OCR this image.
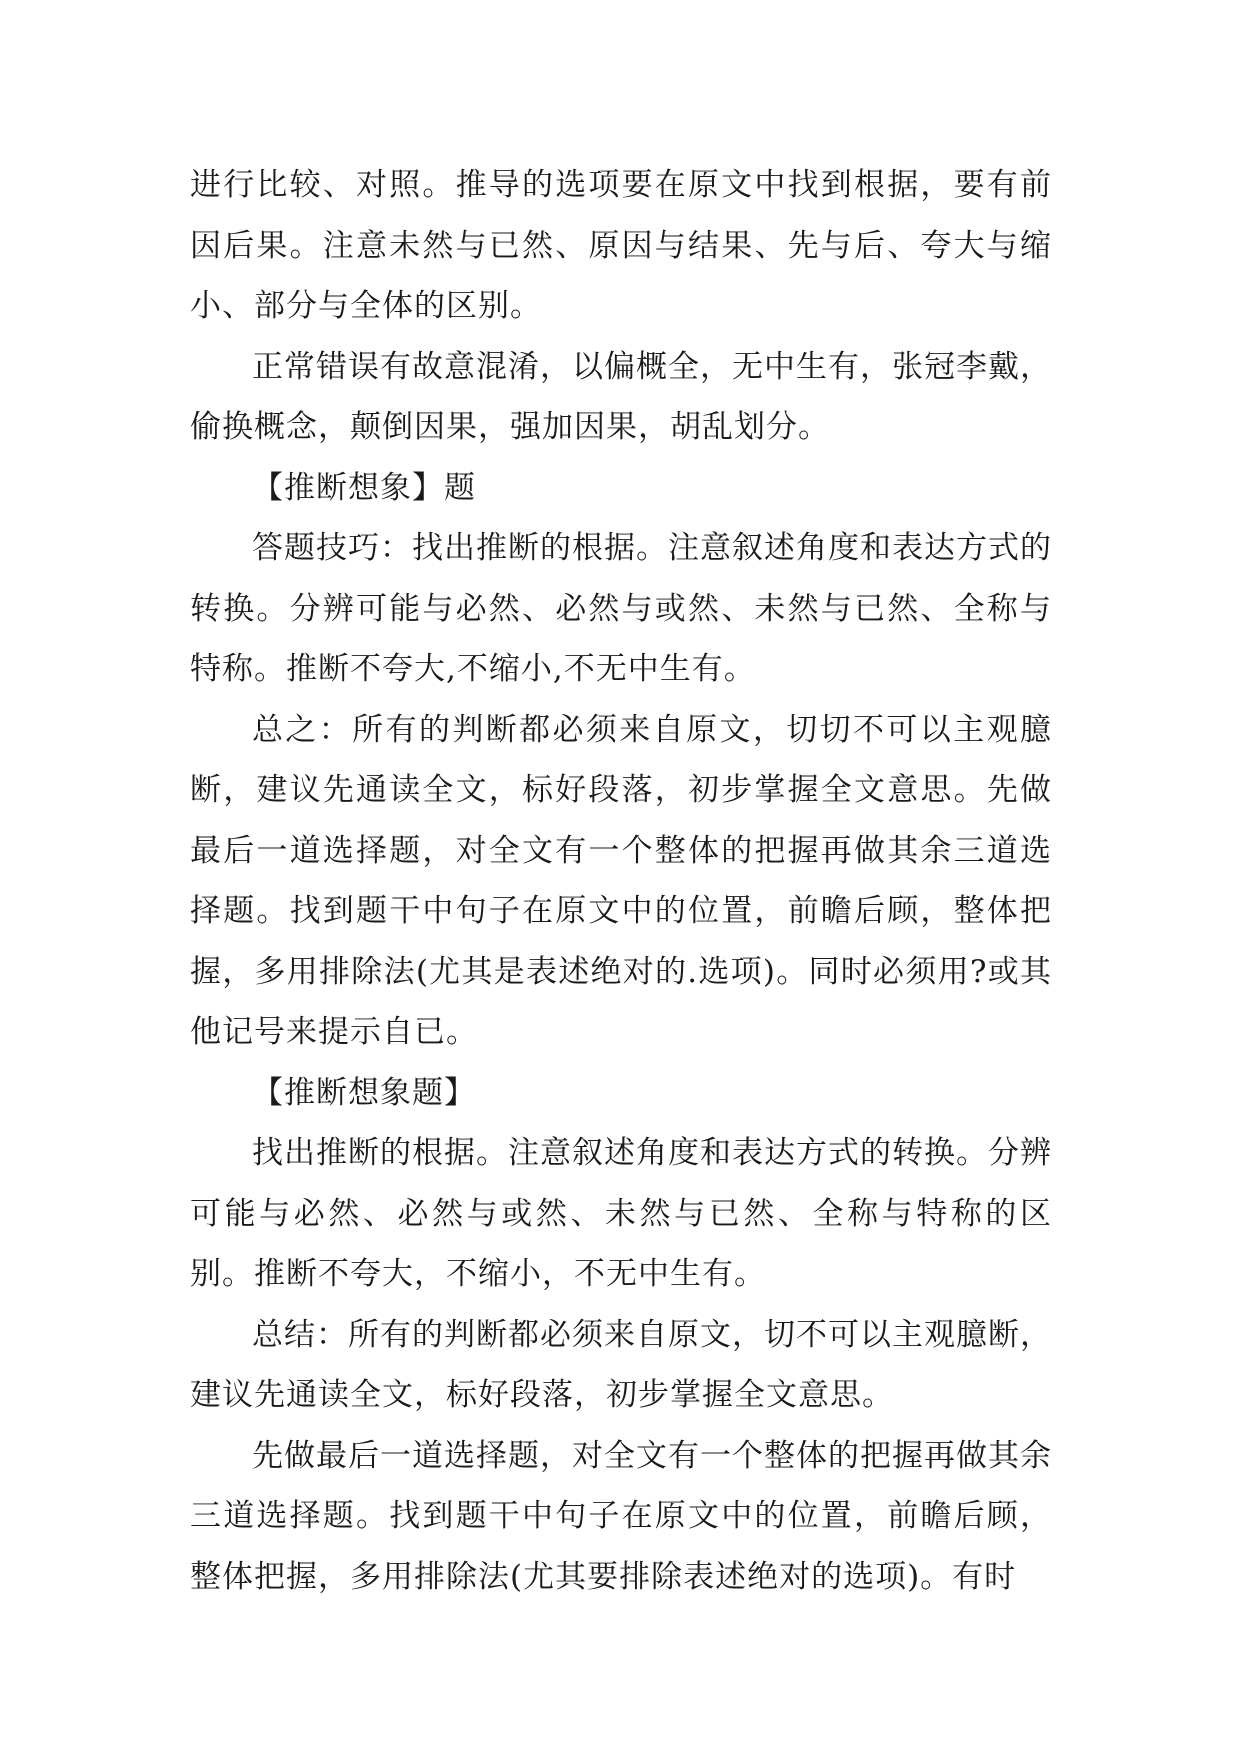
进行比较、对照。推导的选项要在原文中找到根据，要有前因后果。注意未然与已然、原因与结果、先与后、夸大与缩小、部分与全体的区别。

正常错误有故意混淆，以偏概全，无中生有，张冠李戴，偷换概念，颠倒因果，强加因果，胡乱划分。

【推断想象】题

答题技巧：找出推断的根据。注意叙述角度和表达方式的转换。分辨可能与必然、必然与或然、未然与已然、全称与特称。推断不夸大,不缩小,不无中生有。

总之：所有的判断都必须来自原文，切切不可以主观臆断，建议先通读全文，标好段落，初步掌握全文意思。先做最后一道选择题，对全文有一个整体的把握再做其余三道选择题。找到题干中句子在原文中的位置，前瞻后顾，整体把握，多用排除法(尤其是表述绝对的.选项)。同时必须用?或其他记号来提示自已。

【推断想象题】

找出推断的根据。注意叙述角度和表达方式的转换。分辨可能与必然、必然与或然、未然与已然、全称与特称的区别。推断不夸大，不缩小，不无中生有。

总结：所有的判断都必须来自原文，切不可以主观臆断，建议先通读全文，标好段落，初步掌握全文意思。

先做最后一道选择题，对全文有一个整体的把握再做其余三道选择题。找到题干中句子在原文中的位置，前瞻后顾，整体把握，多用排除法(尤其要排除表述绝对的选项)。有时
